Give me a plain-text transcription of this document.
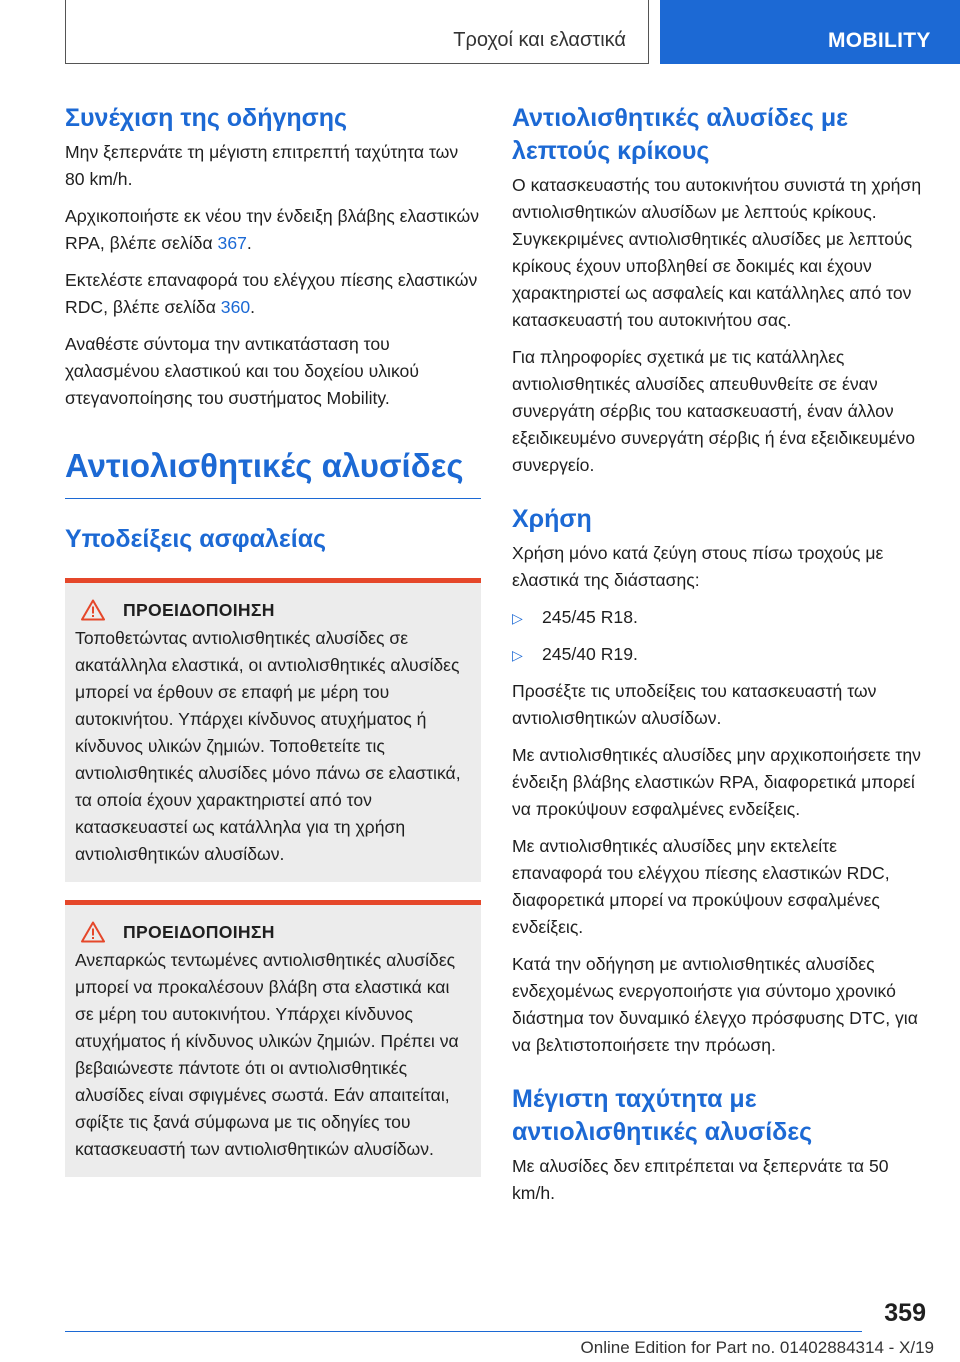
Τροχοί και ελαστικά	MOBILITY
Συνέχιση της οδήγησης

Μην ξεπερνάτε τη μέγιστη επιτρεπτή ταχύτητα των 80 km/h.

Αρχικοποιήστε εκ νέου την ένδειξη βλάβης ελαστικών RPA, βλέπε σελίδα 367.

Εκτελέστε επαναφορά του ελέγχου πίεσης ελαστικών RDC, βλέπε σελίδα 360.

Αναθέστε σύντομα την αντικατάσταση του χαλασμένου ελαστικού και του δοχείου υλικού στεγανοποίησης του συστήματος Mobility.

Αντιολισθητικές αλυσίδες
Υποδείξεις ασφαλείας
ΠΡΟΕΙΔΟΠΟΙΗΣΗ

Τοποθετώντας αντιολισθητικές αλυσίδες σε ακατάλληλα ελαστικά, οι αντιολισθητικές αλυσίδες μπορεί να έρθουν σε επαφή με μέρη του αυτοκινήτου. Υπάρχει κίνδυνος ατυχήματος ή κίνδυνος υλικών ζημιών. Τοποθετείτε τις αντιολισθητικές αλυσίδες μόνο πάνω σε ελαστικά, τα οποία έχουν χαρακτηριστεί από τον κατασκευαστεί ως κατάλληλα για τη χρήση αντιολισθητικών αλυσίδων.

ΠΡΟΕΙΔΟΠΟΙΗΣΗ

Ανεπαρκώς τεντωμένες αντιολισθητικές αλυσίδες μπορεί να προκαλέσουν βλάβη στα ελαστικά και σε μέρη του αυτοκινήτου. Υπάρχει κίνδυνος ατυχήματος ή κίνδυνος υλικών ζημιών. Πρέπει να βεβαιώνεστε πάντοτε ότι οι αντιολισθητικές αλυσίδες είναι σφιγμένες σωστά. Εάν απαιτείται, σφίξτε τις ξανά σύμφωνα με τις οδηγίες του κατασκευαστή των αντιολισθητικών αλυσίδων.

Αντιολισθητικές αλυσίδες με λεπτούς κρίκους

Ο κατασκευαστής του αυτοκινήτου συνιστά τη χρήση αντιολισθητικών αλυσίδων με λεπτούς κρίκους. Συγκεκριμένες αντιολισθητικές αλυσίδες με λεπτούς κρίκους έχουν υποβληθεί σε δοκιμές και έχουν χαρακτηριστεί ως ασφαλείς και κατάλληλες από τον κατασκευαστή του αυτοκινήτου σας.

Για πληροφορίες σχετικά με τις κατάλληλες αντιολισθητικές αλυσίδες απευθυνθείτε σε έναν συνεργάτη σέρβις του κατασκευαστή, έναν άλλον εξειδικευμένο συνεργάτη σέρβις ή ένα εξειδικευμένο συνεργείο.

Χρήση

Χρήση μόνο κατά ζεύγη στους πίσω τροχούς με ελαστικά της διάστασης:

▷	245/45 R18.

▷	245/40 R19.

Προσέξτε τις υποδείξεις του κατασκευαστή των αντιολισθητικών αλυσίδων.

Με αντιολισθητικές αλυσίδες μην αρχικοποιήσετε την ένδειξη βλάβης ελαστικών RPA, διαφορετικά μπορεί να προκύψουν εσφαλμένες ενδείξεις.

Με αντιολισθητικές αλυσίδες μην εκτελείτε επαναφορά του ελέγχου πίεσης ελαστικών RDC, διαφορετικά μπορεί να προκύψουν εσφαλμένες ενδείξεις.

Κατά την οδήγηση με αντιολισθητικές αλυσίδες ενδεχομένως ενεργοποιήστε για σύντομο χρονικό διάστημα τον δυναμικό έλεγχο πρόσφυσης DTC, για να βελτιστοποιήσετε την πρόωση.

Μέγιστη ταχύτητα με αντιολισθητικές αλυσίδες

Με αλυσίδες δεν επιτρέπεται να ξεπερνάτε τα 50 km/h.

359
Online Edition for Part no. 01402884314 - X/19
